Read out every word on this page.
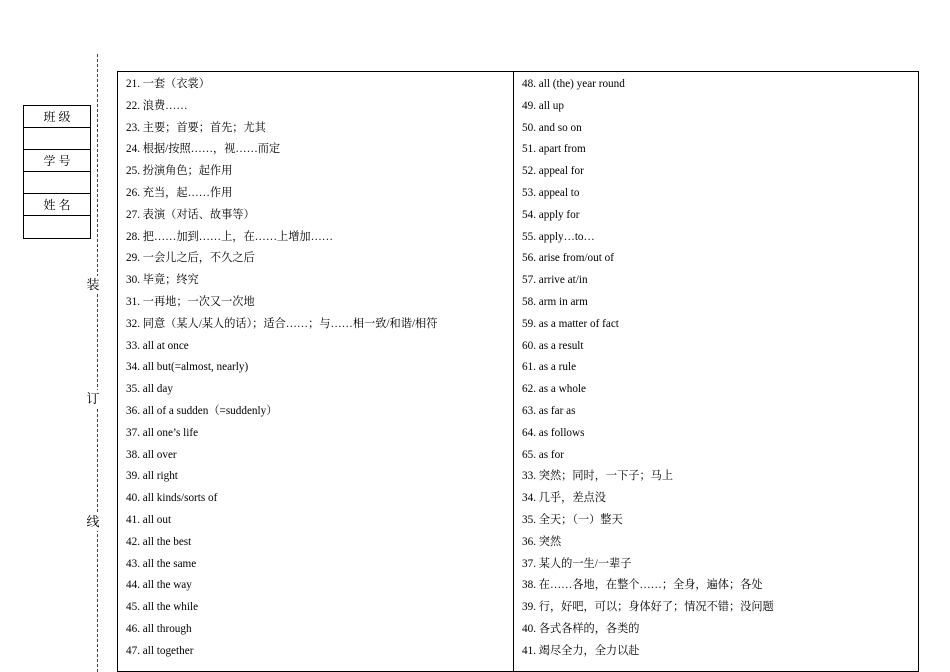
装
订
线
班 级
学 号
姓 名
21. 一套（衣裳）
22. 浪费……
23. 主要；首要；首先；尤其
24. 根据/按照……，视……而定
25. 扮演角色；起作用
26. 充当，起……作用
27. 表演（对话、故事等）
28. 把……加到……上，在……上增加……
29. 一会儿之后，不久之后
30. 毕竟；终究
31. 一再地；一次又一次地
32. 同意（某人/某人的话）；适合……；与……相一致/和谐/相符
33. all at once
34. all but(=almost, nearly)
35. all day
36. all of a sudden（=suddenly）
37. all one’s life
38. all over
39. all right
40. all kinds/sorts of
41. all out
42. all the best
43. all the same
44. all the way
45. all the while
46. all through
47. all together
48. all (the) year round
49. all up
50. and so on
51. apart from
52. appeal for
53. appeal to
54. apply for
55. apply…to…
56. arise from/out of
57. arrive at/in
58. arm in arm
59. as a matter of fact
60. as a result
61. as a rule
62. as a whole
63. as far as
64. as follows
65. as for
33. 突然；同时，一下子；马上
34. 几乎，差点没
35. 全天；（一）整天
36. 突然
37. 某人的一生/一辈子
38. 在……各地，在整个……；全身，遍体；各处
39. 行，好吧，可以；身体好了；情况不错；没问题
40. 各式各样的，各类的
41. 竭尽全力，全力以赴
